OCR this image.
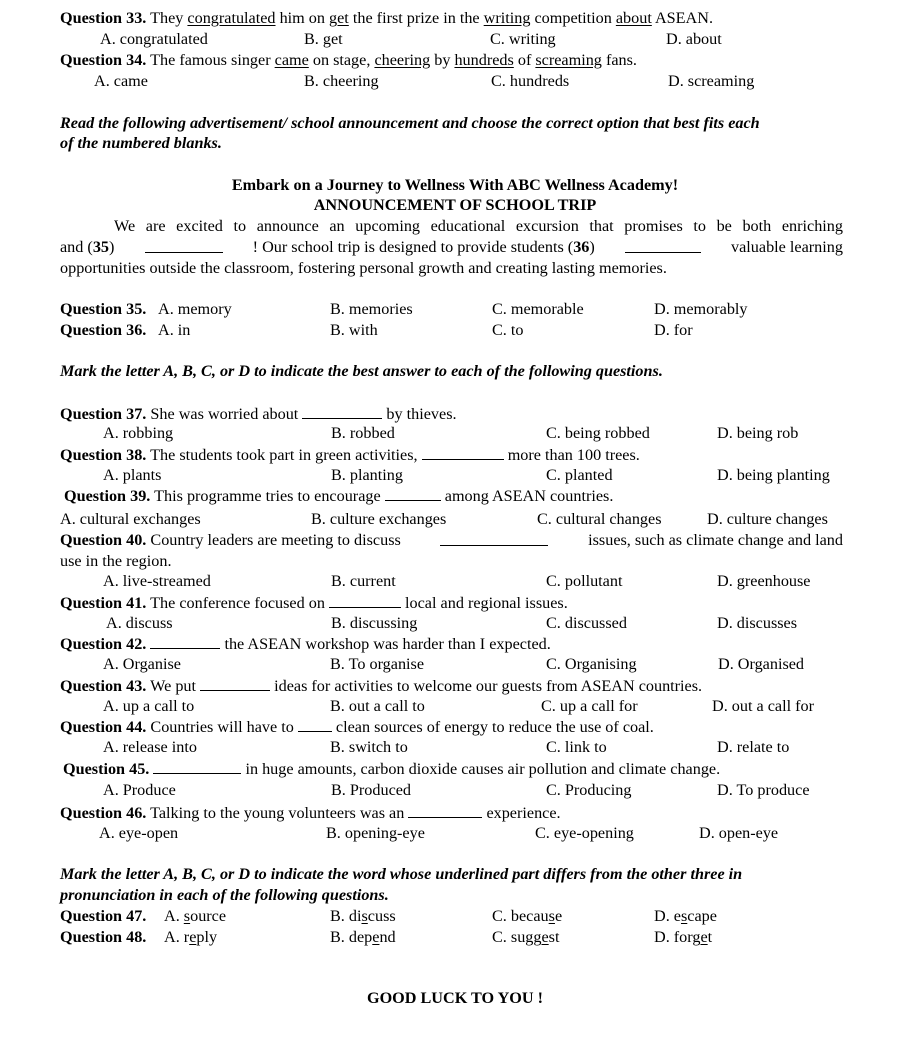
Question 33. They congratulated him on get the first prize in the writing competition about ASEAN.
A. congratulated	B. get	C. writing	D. about
Question 34. The famous singer came on stage, cheering by hundreds of screaming fans.
A. came	B. cheering	C. hundreds	D. screaming
Read the following advertisement/ school announcement and choose the correct option that best fits each
of the numbered blanks.
Embark on a Journey to Wellness With ABC Wellness Academy!
ANNOUNCEMENT OF SCHOOL TRIP
We are excited to announce an upcoming educational excursion that promises to be both enriching
and (35)	! Our school trip is designed to provide students (36)	valuable learning
opportunities outside the classroom, fostering personal growth and creating lasting memories.
Question 35. A. memory	B. memories	C. memorable	D. memorably
Question 36. A. in	B. with	C. to	D. for
Mark the letter A, B, C, or D to indicate the best answer to each of the following questions.
Question 37. She was worried about	by thieves.
A. robbing	B. robbed	C. being robbed	D. being rob
Question 38. The students took part in green activities,	more than 100 trees.
A. plants	B. planting	C. planted	D. being planting
Question 39. This programme tries to encourage	among ASEAN countries.
A. cultural exchanges	B. culture exchanges	C. cultural changes	D. culture changes
Question 40. Country leaders are meeting to discuss	issues, such as climate change and land
use in the region.
A. live-streamed	B. current	C. pollutant	D. greenhouse
Question 41. The conference focused on	local and regional issues.
A. discuss	B. discussing	C. discussed	D. discusses
Question 42.	the ASEAN workshop was harder than I expected.
A. Organise	B. To organise	C. Organising	D. Organised
Question 43. We put	ideas for activities to welcome our guests from ASEAN countries.
A. up a call to	B. out a call to	C. up a call for	D. out a call for
Question 44. Countries will have to  clean sources of energy to reduce the use of coal.
A. release into	B. switch to	C. link to	D. relate to
Question 45.	in huge amounts, carbon dioxide causes air pollution and climate change.
A. Produce	B. Produced	C. Producing	D. To produce
Question 46. Talking to the young volunteers was an	experience.
A. eye-open	B. opening-eye	C. eye-opening	D. open-eye
Mark the letter A, B, C, or D to indicate the word whose underlined part differs from the other three in
pronunciation in each of the following questions.
Question 47. A. source	B. discuss	C. because	D. escape
Question 48. A. reply	B. depend	C. suggest	D. forget
GOOD LUCK TO YOU !
